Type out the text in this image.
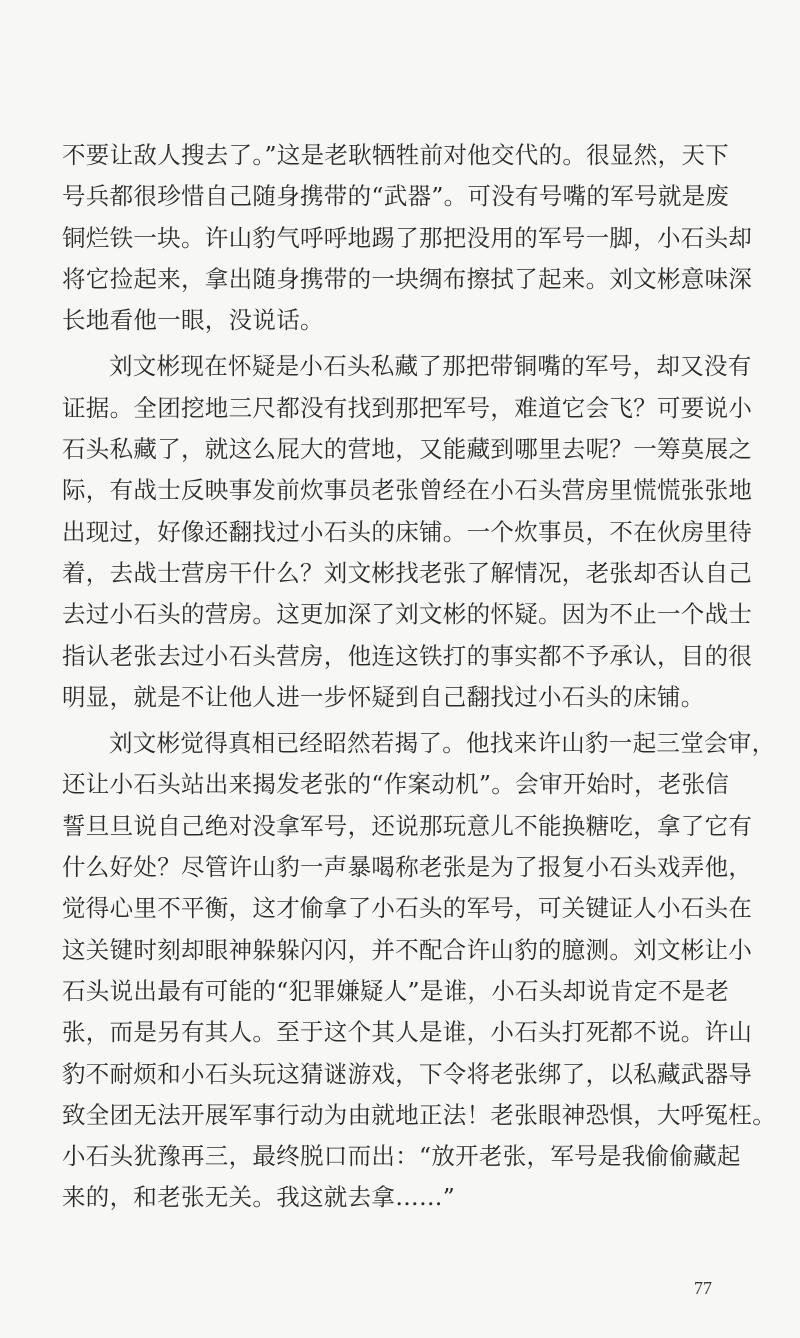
不要让敌人搜去了。”这是老耿牺牲前对他交代的。很显然，天下
号兵都很珍惜自己随身携带的“武器”。可没有号嘴的军号就是废
铜烂铁一块。许山豹气呼呼地踢了那把没用的军号一脚，小石头却
将它捡起来，拿出随身携带的一块绸布擦拭了起来。刘文彬意味深
长地看他一眼，没说话。
刘文彬现在怀疑是小石头私藏了那把带铜嘴的军号，却又没有
证据。全团挖地三尺都没有找到那把军号，难道它会飞？可要说小
石头私藏了，就这么屁大的营地，又能藏到哪里去呢？一筹莫展之
际，有战士反映事发前炊事员老张曾经在小石头营房里慌慌张张地
出现过，好像还翻找过小石头的床铺。一个炊事员，不在伙房里待
着，去战士营房干什么？刘文彬找老张了解情况，老张却否认自己
去过小石头的营房。这更加深了刘文彬的怀疑。因为不止一个战士
指认老张去过小石头营房，他连这铁打的事实都不予承认，目的很
明显，就是不让他人进一步怀疑到自己翻找过小石头的床铺。
刘文彬觉得真相已经昭然若揭了。他找来许山豹一起三堂会审，
还让小石头站出来揭发老张的“作案动机”。会审开始时，老张信
誓旦旦说自己绝对没拿军号，还说那玩意儿不能换糖吃，拿了它有
什么好处？尽管许山豹一声暴喝称老张是为了报复小石头戏弄他，
觉得心里不平衡，这才偷拿了小石头的军号，可关键证人小石头在
这关键时刻却眼神躲躲闪闪，并不配合许山豹的臆测。刘文彬让小
石头说出最有可能的“犯罪嫌疑人”是谁，小石头却说肯定不是老
张，而是另有其人。至于这个其人是谁，小石头打死都不说。许山
豹不耐烦和小石头玩这猜谜游戏，下令将老张绑了，以私藏武器导
致全团无法开展军事行动为由就地正法！老张眼神恐惧，大呼冤枉。
小石头犹豫再三，最终脱口而出：“放开老张，军号是我偷偷藏起
来的，和老张无关。我这就去拿……”
77
